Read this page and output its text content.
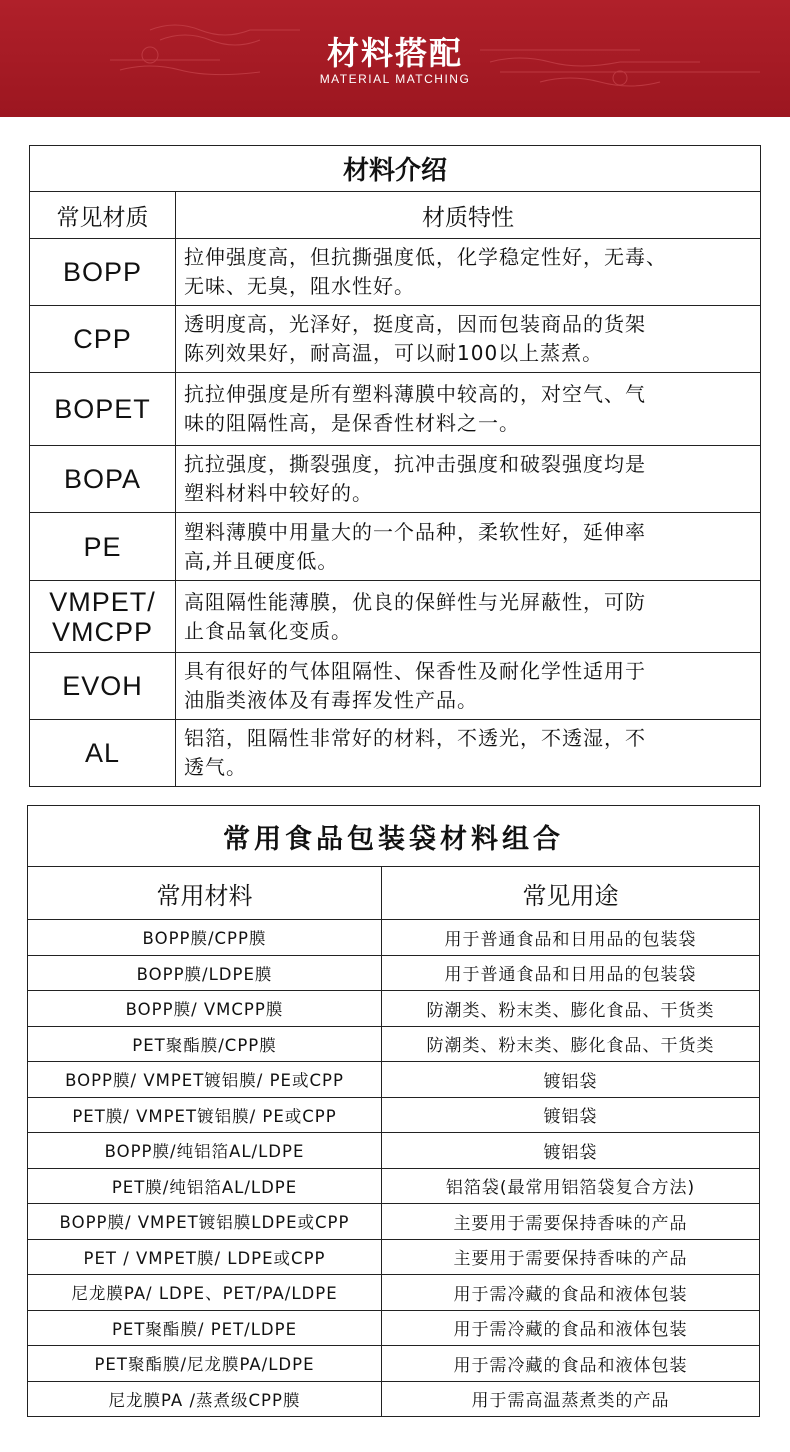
材料搭配
MATERIAL MATCHING
材料介绍	
常见材质	材质特性
BOPP	拉伸强度高，但抗撕强度低，化学稳定性好，无毒、
无味、无臭，阻水性好。
CPP	透明度高，光泽好，挺度高，因而包装商品的货架
陈列效果好，耐高温，可以耐100以上蒸煮。
BOPET	抗拉伸强度是所有塑料薄膜中较高的，对空气、气
味的阻隔性高，是保香性材料之一。
BOPA	抗拉强度，撕裂强度，抗冲击强度和破裂强度均是
塑料材料中较好的。
PE	塑料薄膜中用量大的一个品种，柔软性好，延伸率
高,并且硬度低。
VMPET/
VMCPP	高阻隔性能薄膜，优良的保鲜性与光屏蔽性，可防
止食品氧化变质。
EVOH	具有很好的气体阻隔性、保香性及耐化学性适用于
油脂类液体及有毒挥发性产品。
AL	铝箔，阻隔性非常好的材料，不透光，不透湿，不
透气。
常用食品包装袋材料组合	
常用材料	常见用途
BOPP膜/CPP膜	用于普通食品和日用品的包装袋
BOPP膜/LDPE膜	用于普通食品和日用品的包装袋
BOPP膜/ VMCPP膜	防潮类、粉末类、膨化食品、干货类
PET聚酯膜/CPP膜	防潮类、粉末类、膨化食品、干货类
BOPP膜/ VMPET镀铝膜/ PE或CPP	镀铝袋
PET膜/ VMPET镀铝膜/ PE或CPP	镀铝袋
BOPP膜/纯铝箔AL/LDPE	镀铝袋
PET膜/纯铝箔AL/LDPE	铝箔袋(最常用铝箔袋复合方法)
BOPP膜/ VMPET镀铝膜LDPE或CPP	主要用于需要保持香味的产品
PET / VMPET膜/ LDPE或CPP	主要用于需要保持香味的产品
尼龙膜PA/ LDPE、PET/PA/LDPE	用于需冷藏的食品和液体包装
PET聚酯膜/ PET/LDPE	用于需冷藏的食品和液体包装
PET聚酯膜/尼龙膜PA/LDPE	用于需冷藏的食品和液体包装
尼龙膜PA /蒸煮级CPP膜	用于需高温蒸煮类的产品
